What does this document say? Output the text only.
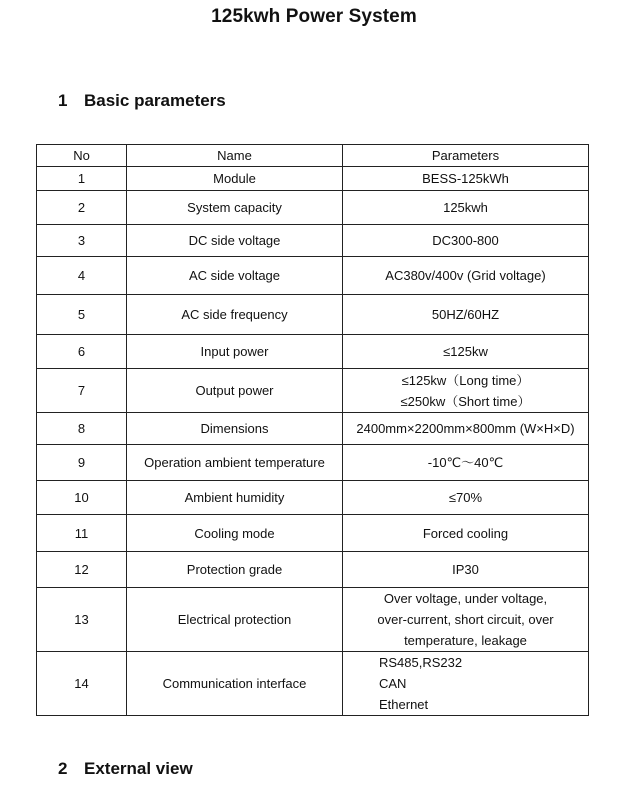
125kwh Power System
1 Basic parameters
No	Name	Parameters
1	Module	BESS-125kWh

2	System capacity	125kwh

3	DC side voltage	DC300-800

4	AC side voltage	AC380v/400v (Grid voltage)

5	AC side frequency	50HZ/60HZ

6	Input power	≤125kw

7	Output power	≤125kw（Long time）
≤250kw（Short time）

8	Dimensions	2400mm×2200mm×800mm (W×H×D)

9	Operation ambient temperature	-10℃～40℃

10	Ambient humidity	≤70%

11	Cooling mode	Forced cooling

12	Protection grade	IP30

13	Electrical protection	Over voltage, under voltage,
over-current, short circuit, over
temperature, leakage

14	Communication interface	RS485,RS232
CAN
Ethernet
2 External view
